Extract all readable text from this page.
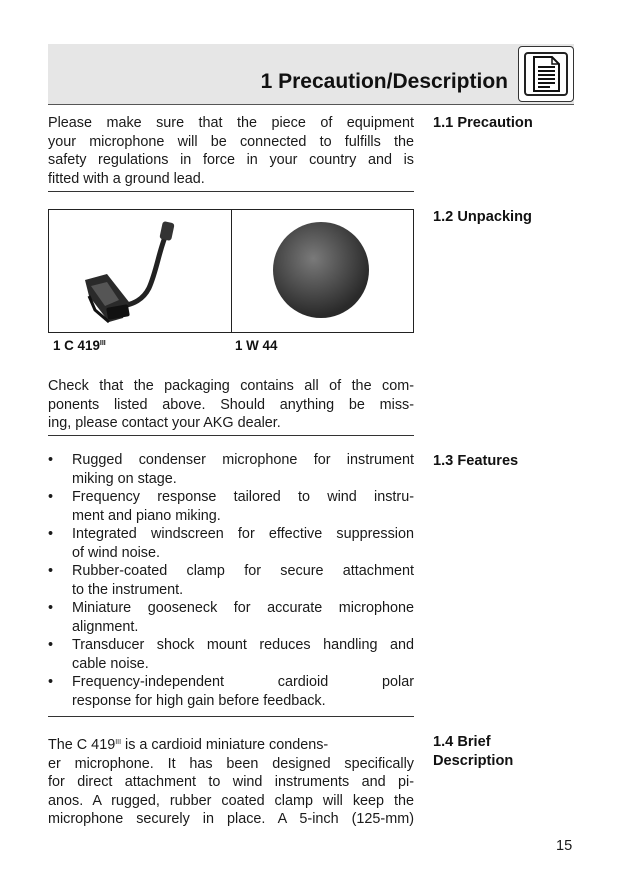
1 Precaution/Description
Please make sure that the piece of equipment
your microphone will be connected to fulfills the
safety regulations in force in your country and is
fitted with a ground lead.
1.1 Precaution
1.2 Unpacking
1 C $419^{III}$	1 W 44
Check that the packaging contains all of the com-
ponents listed above. Should anything be miss-
ing, please contact your AKG dealer.
1.3 Features
• Rugged condenser microphone for instrument
miking on stage.
• Frequency response tailored to wind instru-
ment and piano miking.
• Integrated windscreen for effective suppression
of wind noise.
• Rubber-coated clamp for secure attachment
to the instrument.
• Miniature gooseneck for accurate microphone
alignment.
• Transducer shock mount reduces handling and
cable noise.
• Frequency-independent cardioid polar
response for high gain before feedback.
1.4 Brief
Description
The C $419^{III}$ is a cardioid miniature condens-
er microphone. It has been designed specifically
for direct attachment to wind instruments and pi-
anos. A rugged, rubber coated clamp will keep the
microphone securely in place. A 5-inch (125-mm)
15
